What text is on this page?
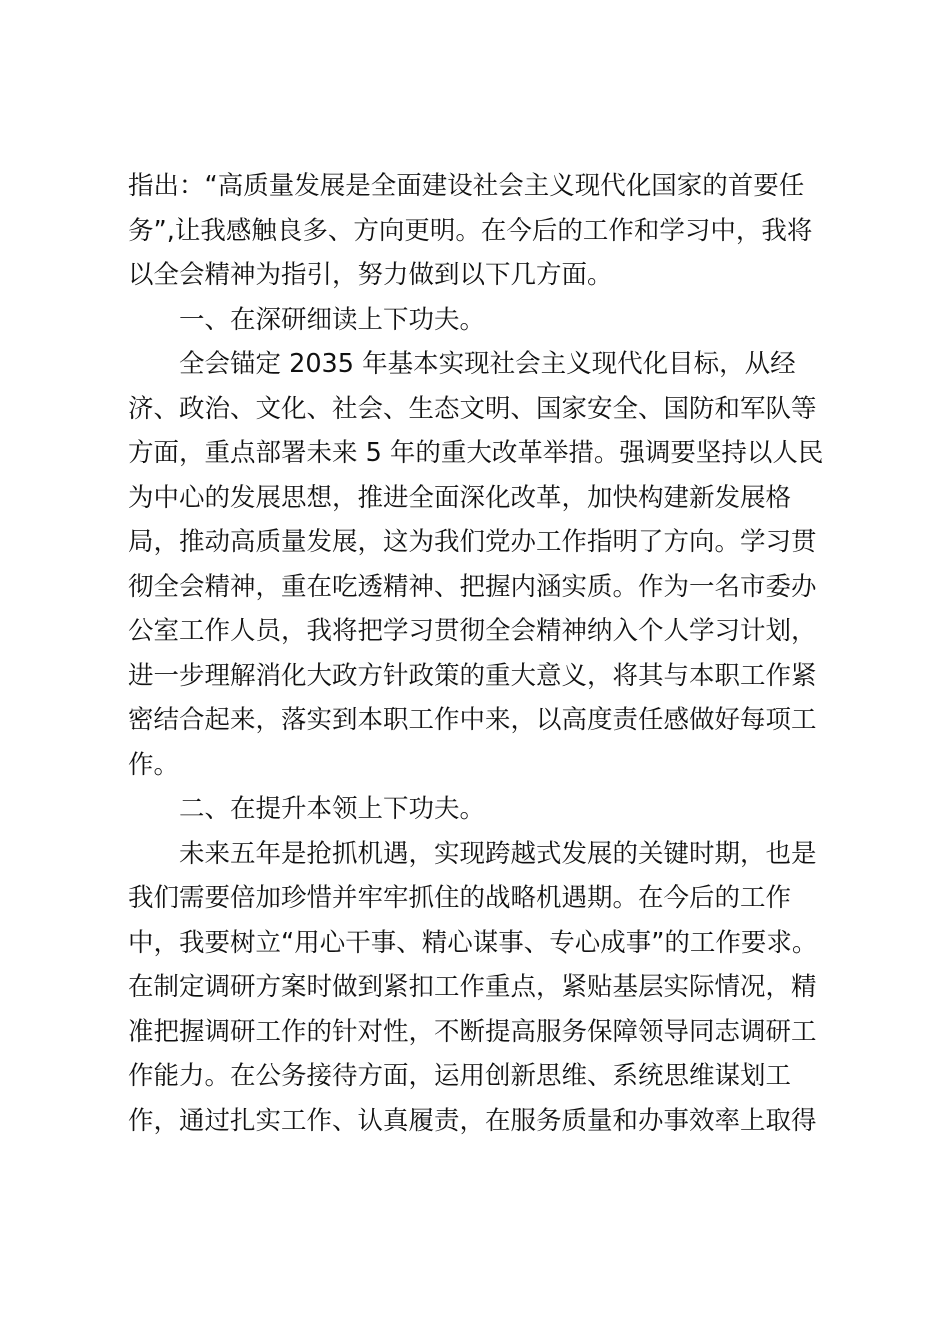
指出：“高质量发展是全面建设社会主义现代化国家的首要任
务”,让我感触良多、方向更明。在今后的工作和学习中，我将
以全会精神为指引，努力做到以下几方面。
一、在深研细读上下功夫。
全会锚定 2035 年基本实现社会主义现代化目标，从经
济、政治、文化、社会、生态文明、国家安全、国防和军队等
方面，重点部署未来 5 年的重大改革举措。强调要坚持以人民
为中心的发展思想，推进全面深化改革，加快构建新发展格
局，推动高质量发展，这为我们党办工作指明了方向。学习贯
彻全会精神，重在吃透精神、把握内涵实质。作为一名市委办
公室工作人员，我将把学习贯彻全会精神纳入个人学习计划，
进一步理解消化大政方针政策的重大意义，将其与本职工作紧
密结合起来，落实到本职工作中来，以高度责任感做好每项工
作。
二、在提升本领上下功夫。
未来五年是抢抓机遇，实现跨越式发展的关键时期，也是
我们需要倍加珍惜并牢牢抓住的战略机遇期。在今后的工作
中，我要树立“用心干事、精心谋事、专心成事”的工作要求。
在制定调研方案时做到紧扣工作重点，紧贴基层实际情况，精
准把握调研工作的针对性，不断提高服务保障领导同志调研工
作能力。在公务接待方面，运用创新思维、系统思维谋划工
作，通过扎实工作、认真履责，在服务质量和办事效率上取得
